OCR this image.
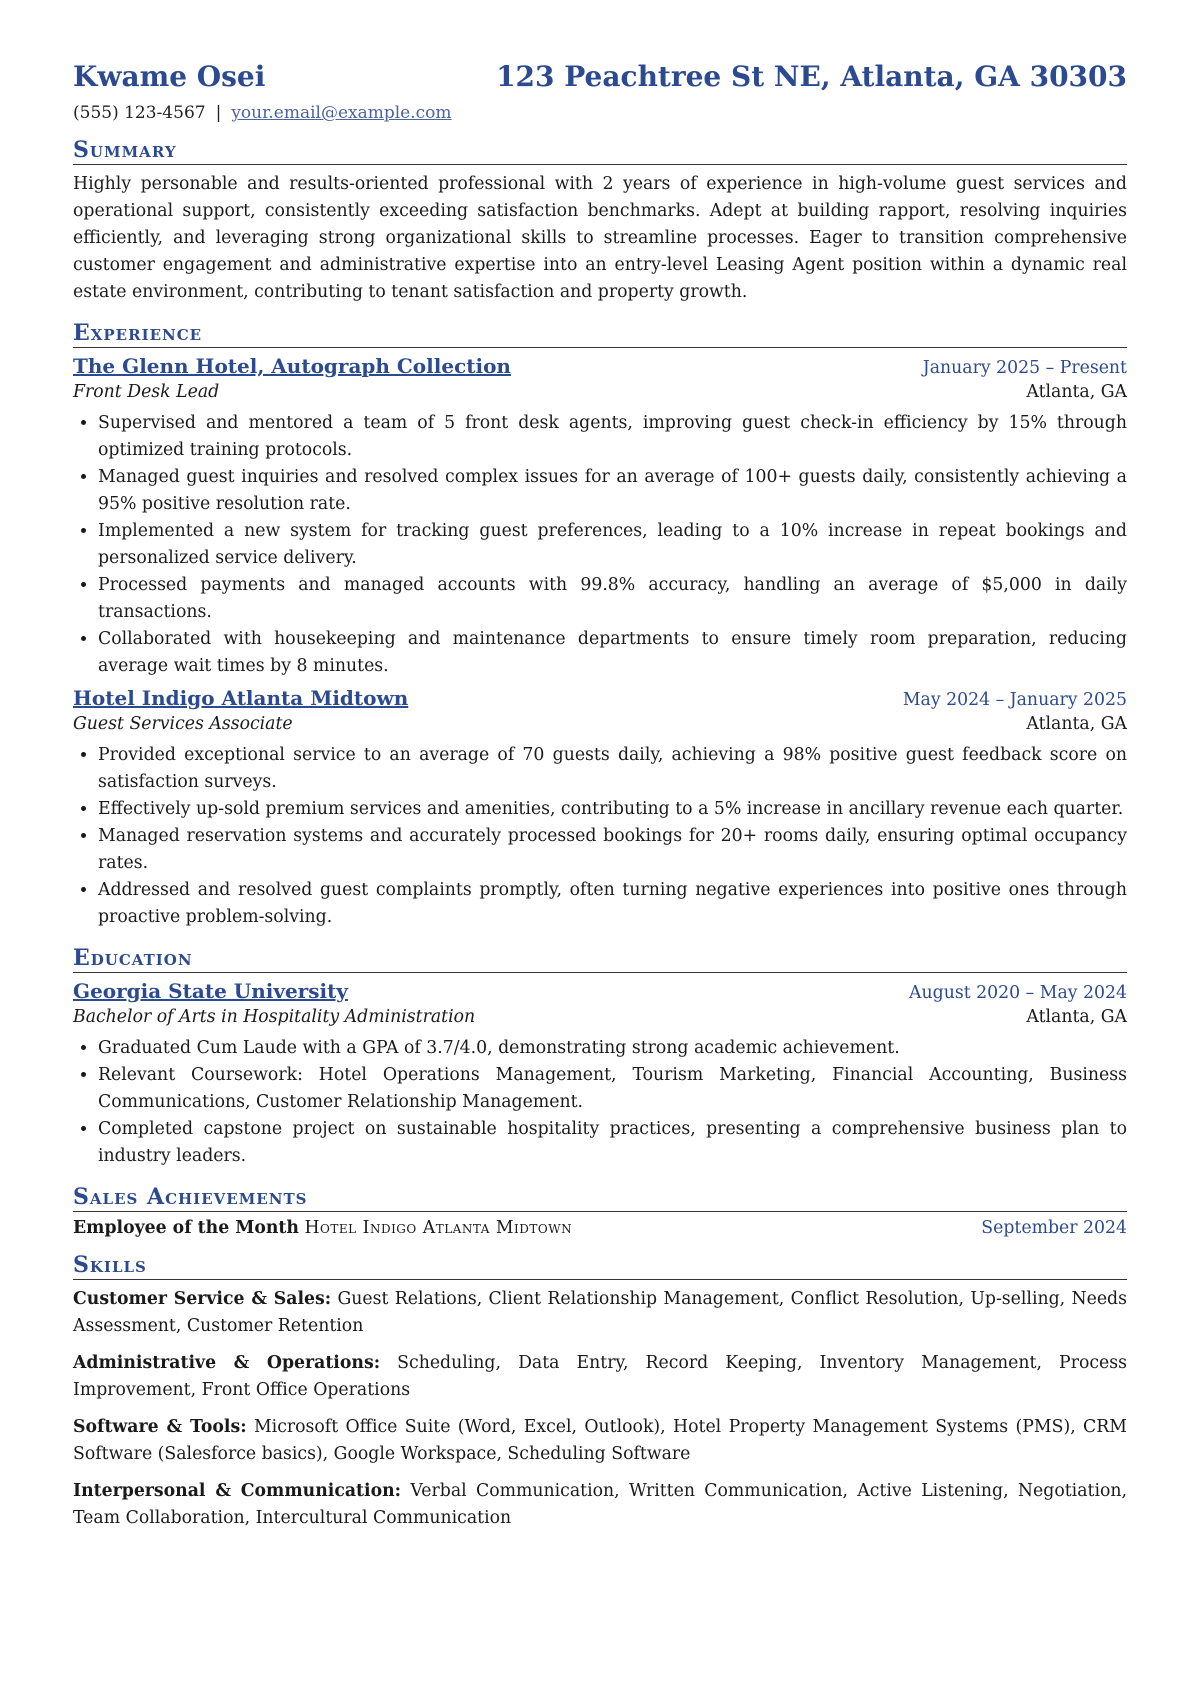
Kwame Osei	123 Peachtree St NE, Atlanta, GA 30303
(555) 123-4567 | your.email@example.com
Summary
Highly personable and results-oriented professional with 2 years of experience in high-volume guest services and operational support, consistently exceeding satisfaction benchmarks. Adept at building rapport, resolving inquiries efficiently, and leveraging strong organizational skills to streamline processes. Eager to transition comprehensive customer engagement and administrative expertise into an entry-level Leasing Agent position within a dynamic real estate environment, contributing to tenant satisfaction and property growth.
Experience
The Glenn Hotel, Autograph Collection	January 2025 – Present
Front Desk Lead	Atlanta, GA
• Supervised and mentored a team of 5 front desk agents, improving guest check-in efficiency by 15% through optimized training protocols.
• Managed guest inquiries and resolved complex issues for an average of 100+ guests daily, consistently achieving a 95% positive resolution rate.
• Implemented a new system for tracking guest preferences, leading to a 10% increase in repeat bookings and personalized service delivery.
• Processed payments and managed accounts with 99.8% accuracy, handling an average of $5,000 in daily transactions.
• Collaborated with housekeeping and maintenance departments to ensure timely room preparation, reducing average wait times by 8 minutes.
Hotel Indigo Atlanta Midtown	May 2024 – January 2025
Guest Services Associate	Atlanta, GA
• Provided exceptional service to an average of 70 guests daily, achieving a 98% positive guest feedback score on satisfaction surveys.
• Effectively up-sold premium services and amenities, contributing to a 5% increase in ancillary revenue each quarter.
• Managed reservation systems and accurately processed bookings for 20+ rooms daily, ensuring optimal occupancy rates.
• Addressed and resolved guest complaints promptly, often turning negative experiences into positive ones through proactive problem-solving.
Education
Georgia State University	August 2020 – May 2024
Bachelor of Arts in Hospitality Administration	Atlanta, GA
• Graduated Cum Laude with a GPA of 3.7/4.0, demonstrating strong academic achievement.
• Relevant Coursework: Hotel Operations Management, Tourism Marketing, Financial Accounting, Business Communications, Customer Relationship Management.
• Completed capstone project on sustainable hospitality practices, presenting a comprehensive business plan to industry leaders.
Sales Achievements
Employee of the Month Hotel Indigo Atlanta Midtown	September 2024
Skills
Customer Service & Sales: Guest Relations, Client Relationship Management, Conflict Resolution, Up-selling, Needs Assessment, Customer Retention
Administrative & Operations: Scheduling, Data Entry, Record Keeping, Inventory Management, Process Improvement, Front Office Operations
Software & Tools: Microsoft Office Suite (Word, Excel, Outlook), Hotel Property Management Systems (PMS), CRM Software (Salesforce basics), Google Workspace, Scheduling Software
Interpersonal & Communication: Verbal Communication, Written Communication, Active Listening, Negotiation, Team Collaboration, Intercultural Communication
